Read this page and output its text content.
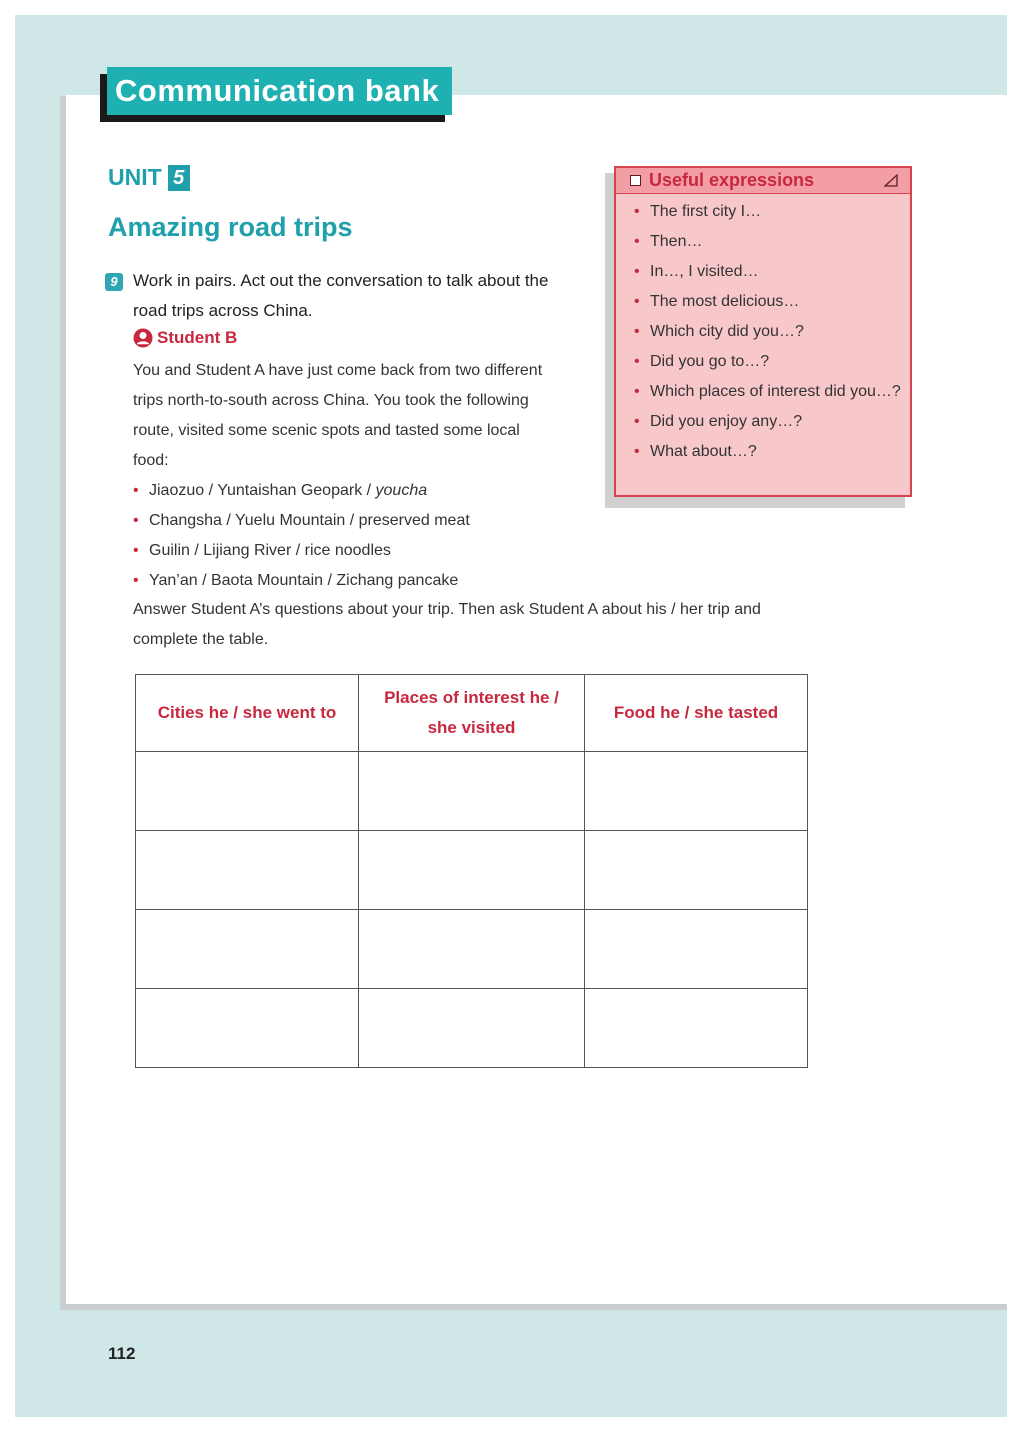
Communication bank
UNIT 5
Amazing road trips
9 Work in pairs. Act out the conversation to talk about the road trips across China.
Student B
You and Student A have just come back from two different trips north-to-south across China. You took the following route, visited some scenic spots and tasted some local food:
• Jiaozuo / Yuntaishan Geopark / youcha
• Changsha / Yuelu Mountain / preserved meat
• Guilin / Lijiang River / rice noodles
• Yan’an / Baota Mountain / Zichang pancake
Answer Student A’s questions about your trip. Then ask Student A about his / her trip and complete the table.
Useful expressions
• The first city I…
• Then…
• In…, I visited…
• The most delicious…
• Which city did you…?
• Did you go to…?
• Which places of interest did you…?
• Did you enjoy any…?
• What about…?
Cities he / she went to	Places of interest he / she visited	Food he / she tasted

112
